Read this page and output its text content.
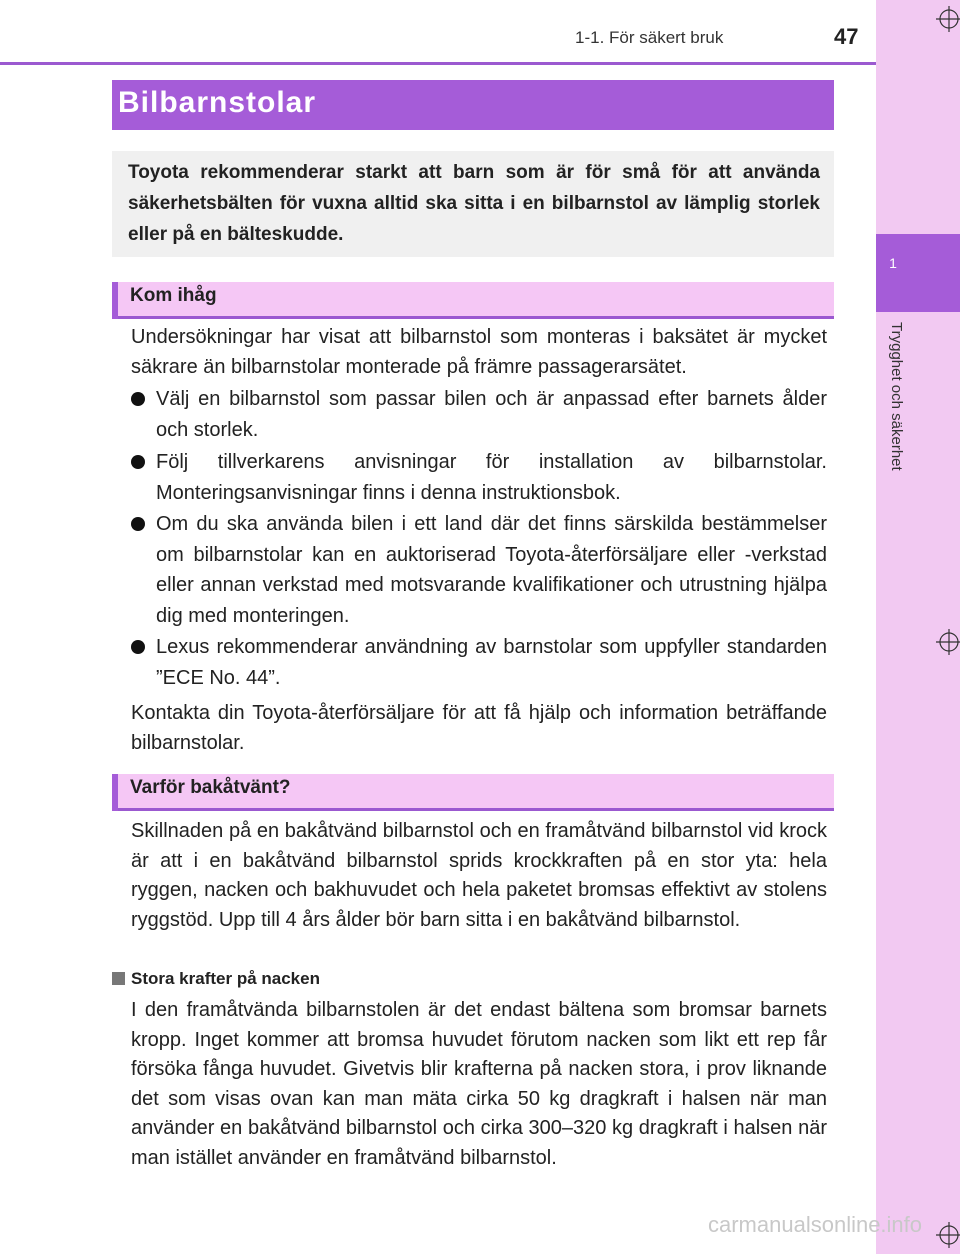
1
Trygghet och säkerhet
1-1. För säkert bruk	47
Bilbarnstolar
Toyota rekommenderar starkt att barn som är för små för att använda säkerhetsbälten för vuxna alltid ska sitta i en bilbarnstol av lämplig storlek eller på en bälteskudde.
Kom ihåg
Undersökningar har visat att bilbarnstol som monteras i baksätet är mycket säkrare än bilbarnstolar monterade på främre passagerarsätet.
Välj en bilbarnstol som passar bilen och är anpassad efter barnets ålder och storlek.
Följ tillverkarens anvisningar för installation av bilbarnstolar. Monteringsanvisningar finns i denna instruktionsbok.
Om du ska använda bilen i ett land där det finns särskilda bestämmelser om bilbarnstolar kan en auktoriserad Toyota-återförsäljare eller -verkstad eller annan verkstad med motsvarande kvalifikationer och utrustning hjälpa dig med monteringen.
Lexus rekommenderar användning av barnstolar som uppfyller standarden ”ECE No. 44”.
Kontakta din Toyota-återförsäljare för att få hjälp och information beträffande bilbarnstolar.
Varför bakåtvänt?
Skillnaden på en bakåtvänd bilbarnstol och en framåtvänd bilbarnstol vid krock är att i en bakåtvänd bilbarnstol sprids krockkraften på en stor yta: hela ryggen, nacken och bakhuvudet och hela paketet bromsas effektivt av stolens ryggstöd. Upp till 4 års ålder bör barn sitta i en bakåtvänd bilbarnstol.
Stora krafter på nacken
I den framåtvända bilbarnstolen är det endast bältena som bromsar barnets kropp. Inget kommer att bromsa huvudet förutom nacken som likt ett rep får försöka fånga huvudet. Givetvis blir krafterna på nacken stora, i prov liknande det som visas ovan kan man mäta cirka 50 kg dragkraft i halsen när man använder en bakåtvänd bilbarnstol och cirka 300–320 kg dragkraft i halsen när man istället använder en framåtvänd bilbarnstol.
carmanualsonline.info
